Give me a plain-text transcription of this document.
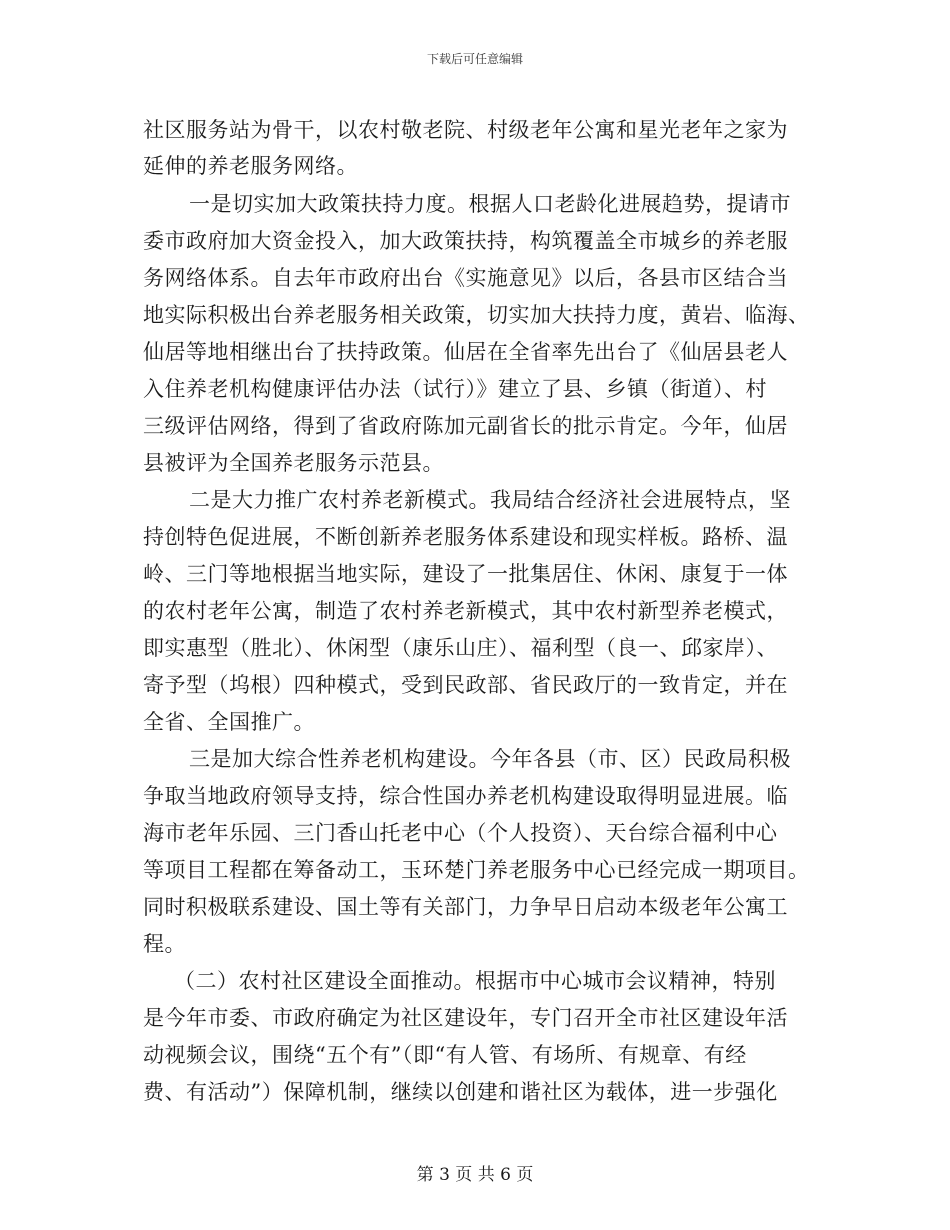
下载后可任意编辑
社区服务站为骨干，以农村敬老院、村级老年公寓和星光老年之家为
延伸的养老服务网络。
一是切实加大政策扶持力度。根据人口老龄化进展趋势，提请市
委市政府加大资金投入，加大政策扶持，构筑覆盖全市城乡的养老服
务网络体系。自去年市政府出台《实施意见》以后，各县市区结合当
地实际积极出台养老服务相关政策，切实加大扶持力度，黄岩、临海、
仙居等地相继出台了扶持政策。仙居在全省率先出台了《仙居县老人
入住养老机构健康评估办法（试行）》建立了县、乡镇（街道）、村
三级评估网络，得到了省政府陈加元副省长的批示肯定。今年，仙居
县被评为全国养老服务示范县。
二是大力推广农村养老新模式。我局结合经济社会进展特点，坚
持创特色促进展，不断创新养老服务体系建设和现实样板。路桥、温
岭、三门等地根据当地实际，建设了一批集居住、休闲、康复于一体
的农村老年公寓，制造了农村养老新模式，其中农村新型养老模式，
即实惠型（胜北）、休闲型（康乐山庄）、福利型（良一、邱家岸）、
寄予型（坞根）四种模式，受到民政部、省民政厅的一致肯定，并在
全省、全国推广。
三是加大综合性养老机构建设。今年各县（市、区）民政局积极
争取当地政府领导支持，综合性国办养老机构建设取得明显进展。临
海市老年乐园、三门香山托老中心（个人投资）、天台综合福利中心
等项目工程都在筹备动工，玉环楚门养老服务中心已经完成一期项目。
同时积极联系建设、国土等有关部门，力争早日启动本级老年公寓工
程。
（二）农村社区建设全面推动。根据市中心城市会议精神，特别
是今年市委、市政府确定为社区建设年，专门召开全市社区建设年活
动视频会议，围绕“五个有”（即“有人管、有场所、有规章、有经
费、有活动”）保障机制，继续以创建和谐社区为载体，进一步强化
第 3 页 共 6 页
